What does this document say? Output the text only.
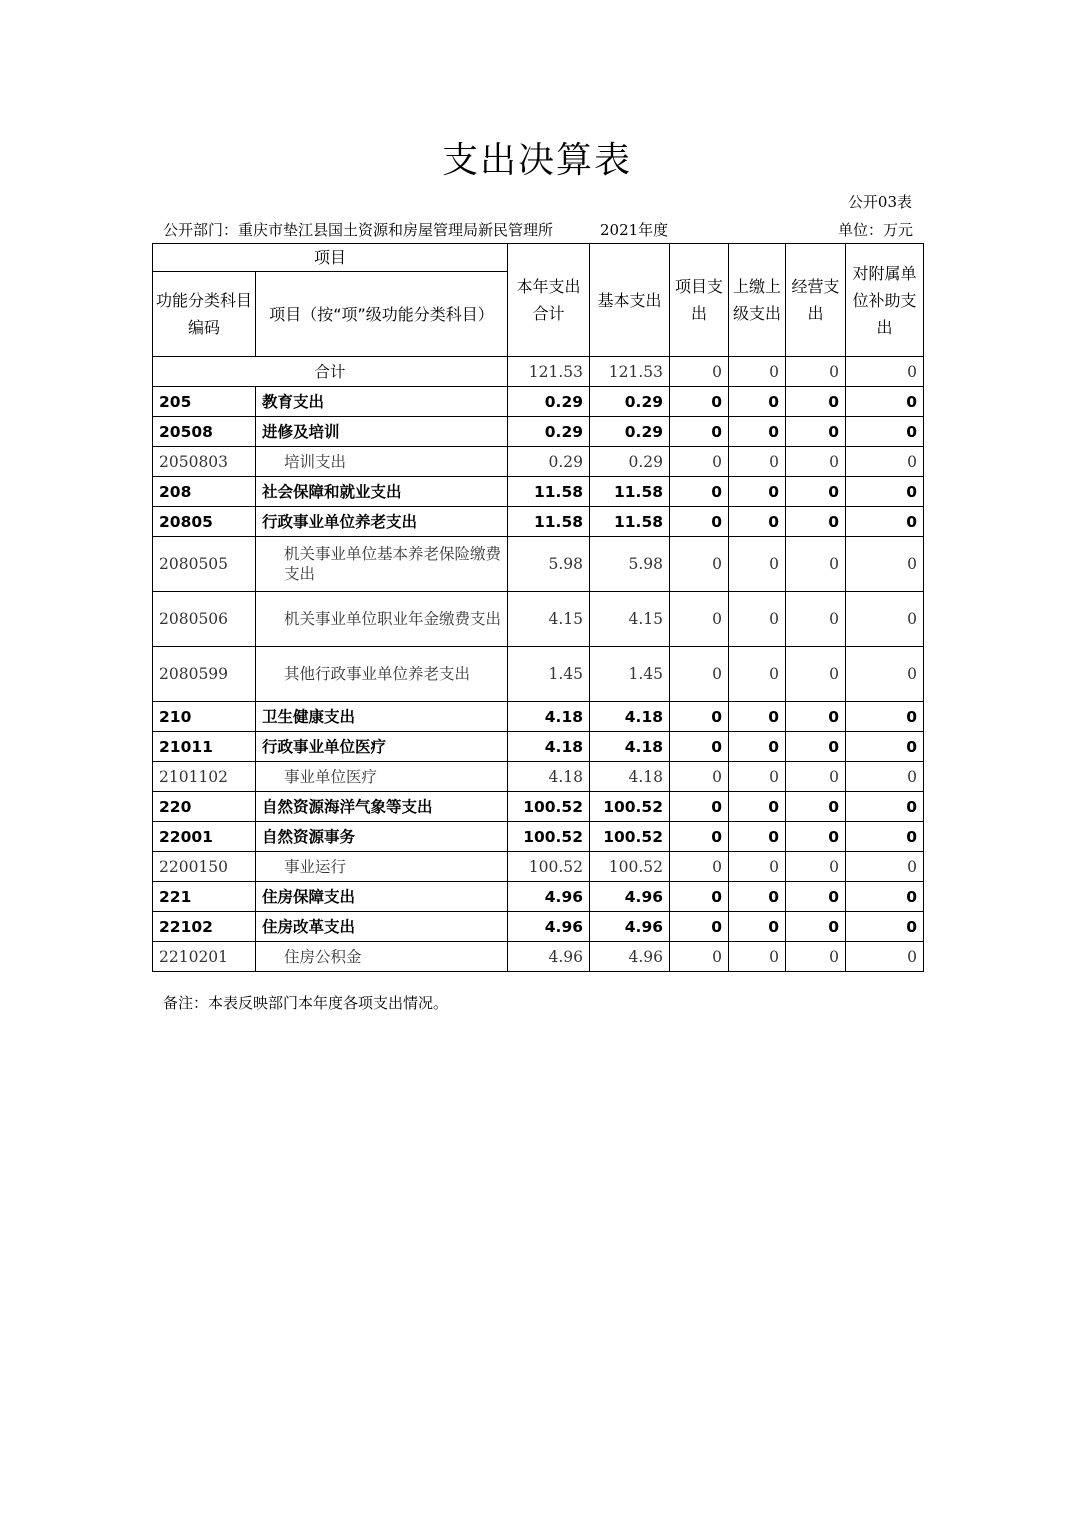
支出决算表
公开03表
公开部门：重庆市垫江县国土资源和房屋管理局新民管理所	2021年度	单位：万元
项目		本年支出合计	基本支出	项目支出	上缴上级支出	经营支出	对附属单位补助支出
功能分类科目编码	项目（按“项”级功能分类科目）						
合计		121.53	121.53	0	0	0	0
205	教育支出	0.29	0.29	0	0	0	0
20508	进修及培训	0.29	0.29	0	0	0	0
2050803	培训支出	0.29	0.29	0	0	0	0
208	社会保障和就业支出	11.58	11.58	0	0	0	0
20805	行政事业单位养老支出	11.58	11.58	0	0	0	0
2080505	机关事业单位基本养老保险缴费支出	5.98	5.98	0	0	0	0
2080506	机关事业单位职业年金缴费支出	4.15	4.15	0	0	0	0
2080599	其他行政事业单位养老支出	1.45	1.45	0	0	0	0
210	卫生健康支出	4.18	4.18	0	0	0	0
21011	行政事业单位医疗	4.18	4.18	0	0	0	0
2101102	事业单位医疗	4.18	4.18	0	0	0	0
220	自然资源海洋气象等支出	100.52	100.52	0	0	0	0
22001	自然资源事务	100.52	100.52	0	0	0	0
2200150	事业运行	100.52	100.52	0	0	0	0
221	住房保障支出	4.96	4.96	0	0	0	0
22102	住房改革支出	4.96	4.96	0	0	0	0
2210201	住房公积金	4.96	4.96	0	0	0	0
备注：本表反映部门本年度各项支出情况。
